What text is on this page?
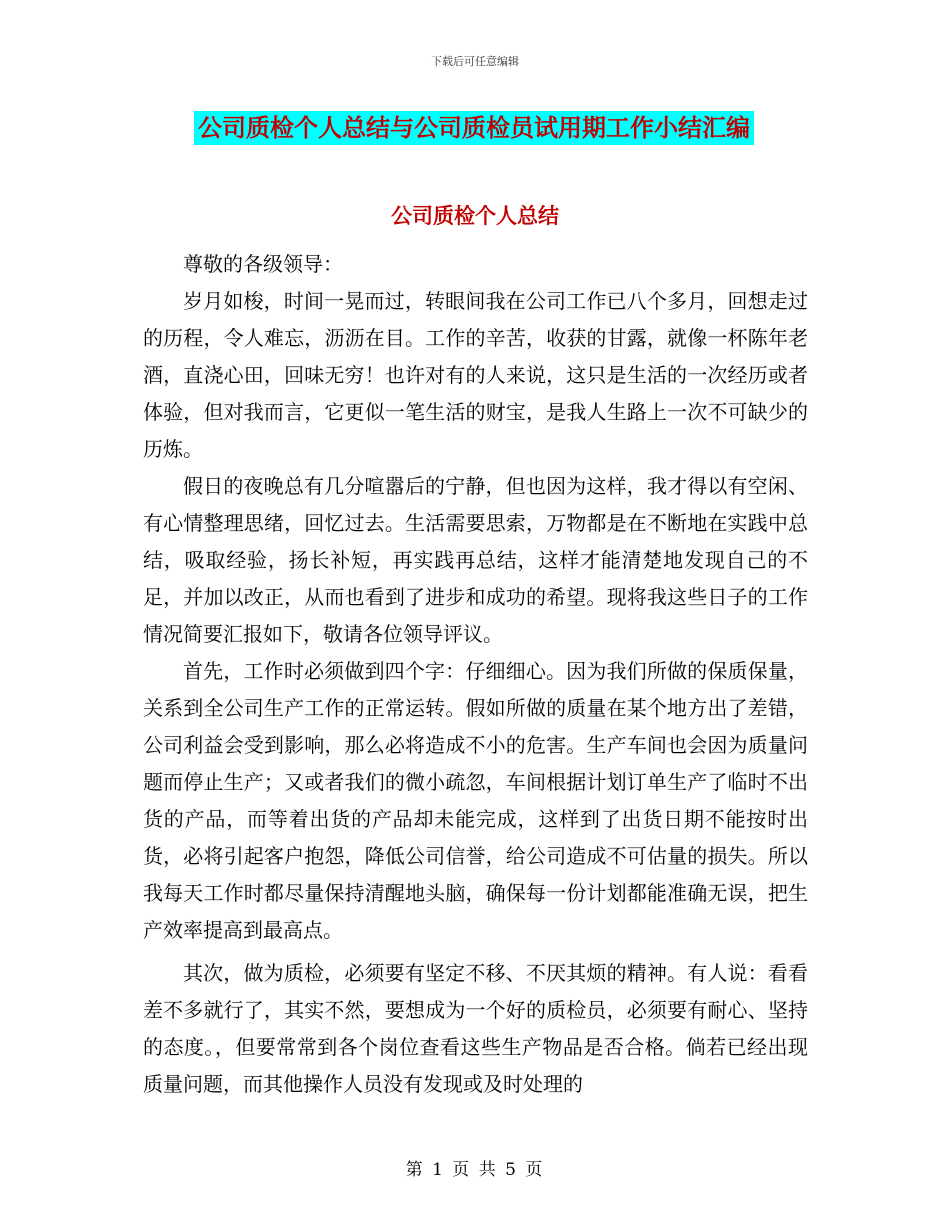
下载后可任意编辑
公司质检个人总结与公司质检员试用期工作小结汇编
公司质检个人总结

尊敬的各级领导：

岁月如梭，时间一晃而过，转眼间我在公司工作已八个多月，回想走过的历程，令人难忘，沥沥在目。工作的辛苦，收获的甘露，就像一杯陈年老酒，直浇心田，回味无穷！也许对有的人来说，这只是生活的一次经历或者体验，但对我而言，它更似一笔生活的财宝，是我人生路上一次不可缺少的历炼。

假日的夜晚总有几分喧嚣后的宁静，但也因为这样，我才得以有空闲、有心情整理思绪，回忆过去。生活需要思索，万物都是在不断地在实践中总结，吸取经验，扬长补短，再实践再总结，这样才能清楚地发现自己的不足，并加以改正，从而也看到了进步和成功的希望。现将我这些日子的工作情况简要汇报如下，敬请各位领导评议。

首先，工作时必须做到四个字：仔细细心。因为我们所做的保质保量，关系到全公司生产工作的正常运转。假如所做的质量在某个地方出了差错，公司利益会受到影响，那么必将造成不小的危害。生产车间也会因为质量问题而停止生产；又或者我们的微小疏忽，车间根据计划订单生产了临时不出货的产品，而等着出货的产品却未能完成，这样到了出货日期不能按时出货，必将引起客户抱怨，降低公司信誉，给公司造成不可估量的损失。所以我每天工作时都尽量保持清醒地头脑，确保每一份计划都能准确无误，把生产效率提高到最高点。

其次，做为质检，必须要有坚定不移、不厌其烦的精神。有人说：看看差不多就行了，其实不然，要想成为一个好的质检员，必须要有耐心、坚持的态度。，但要常常到各个岗位查看这些生产物品是否合格。倘若已经出现质量问题，而其他操作人员没有发现或及时处理的

第 1 页 共 5 页
